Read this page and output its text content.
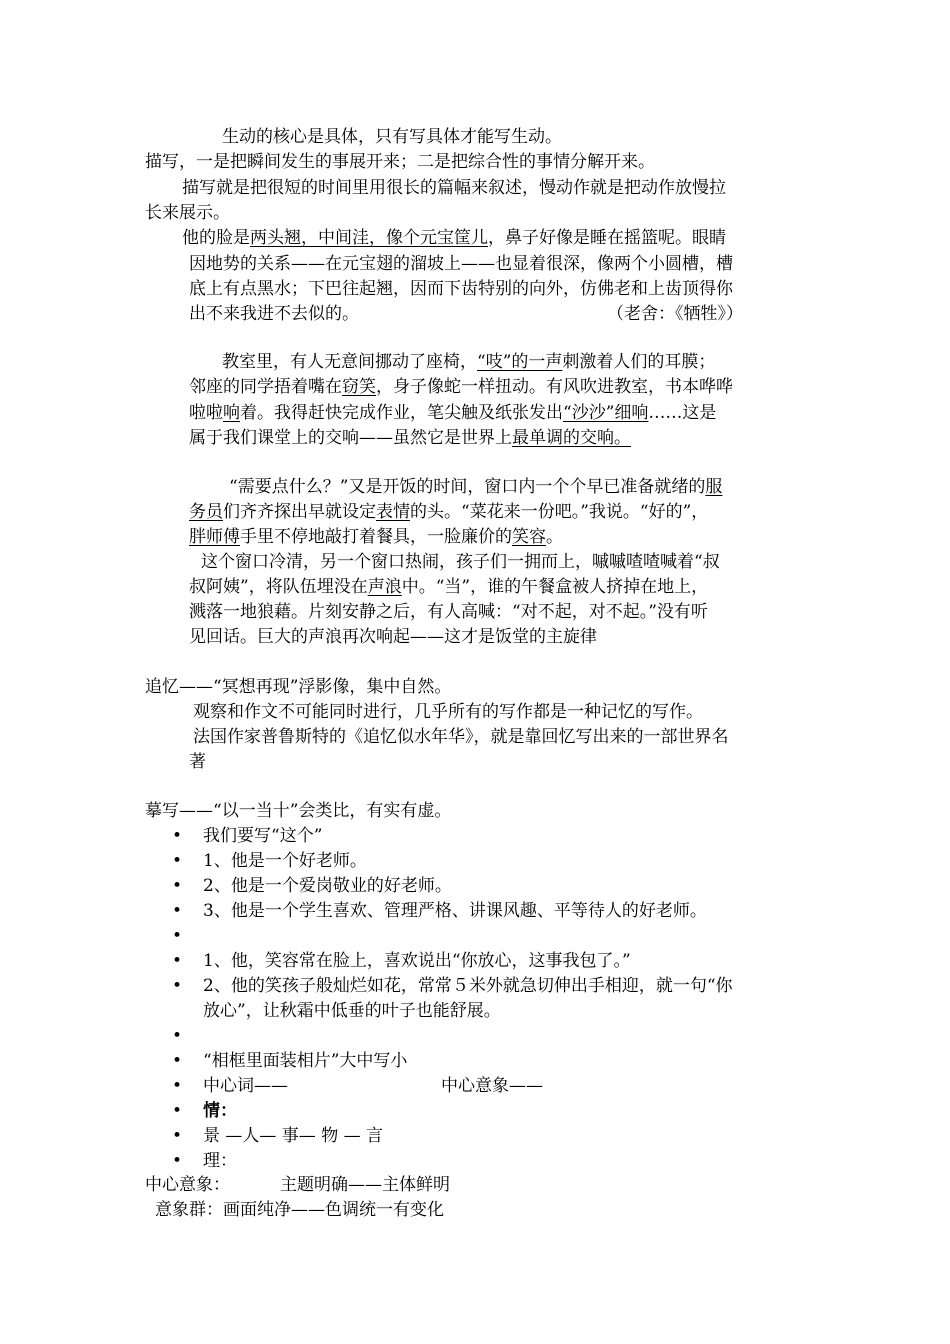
生动的核心是具体，只有写具体才能写生动。
描写，一是把瞬间发生的事展开来；二是把综合性的事情分解开来。
描写就是把很短的时间里用很长的篇幅来叙述，慢动作就是把动作放慢拉
长来展示。
他的脸是两头翘，中间洼，像个元宝筐儿，鼻子好像是睡在摇篮呢。眼睛
因地势的关系——在元宝翅的溜坡上——也显着很深，像两个小圆槽，槽
底上有点黑水；下巴往起翘，因而下齿特别的向外，仿佛老和上齿顶得你
出不来我进不去似的。	（老舍：《牺牲》）
教室里，有人无意间挪动了座椅，“吱”的一声刺激着人们的耳膜；
邻座的同学捂着嘴在窃笑，身子像蛇一样扭动。有风吹进教室，书本哗哗
啦啦响着。我得赶快完成作业，笔尖触及纸张发出“沙沙”细响……这是
属于我们课堂上的交响——虽然它是世界上最单调的交响。
“需要点什么？”又是开饭的时间，窗口内一个个早已准备就绪的服
务员们齐齐探出早就设定表情的头。“菜花来一份吧。”我说。“好的”，
胖师傅手里不停地敲打着餐具，一脸廉价的笑容。
这个窗口冷清，另一个窗口热闹，孩子们一拥而上，嘁嘁喳喳喊着“叔
叔阿姨”，将队伍埋没在声浪中。“当”，谁的午餐盒被人挤掉在地上，
溅落一地狼藉。片刻安静之后，有人高喊：“对不起，对不起。”没有听
见回话。巨大的声浪再次响起——这才是饭堂的主旋律
追忆——“冥想再现”浮影像，集中自然。
观察和作文不可能同时进行，几乎所有的写作都是一种记忆的写作。
法国作家普鲁斯特的《追忆似水年华》，就是靠回忆写出来的一部世界名
著
摹写——“以一当十”会类比，有实有虚。
• 我们要写“这个”
• 1、他是一个好老师。
• 2、他是一个爱岗敬业的好老师。
• 3、他是一个学生喜欢、管理严格、讲课风趣、平等待人的好老师。
•
• 1、他，笑容常在脸上，喜欢说出“你放心，这事我包了。”
• 2、他的笑孩子般灿烂如花，常常５米外就急切伸出手相迎，就一句“你
放心”，让秋霜中低垂的叶子也能舒展。
•
• “相框里面装相片”大中写小
• 中心词——	中心意象——
• 情：
• 景 —人— 事— 物 — 言
• 理：
中心意象：	主题明确——主体鲜明
意象群：画面纯净——色调统一有变化
